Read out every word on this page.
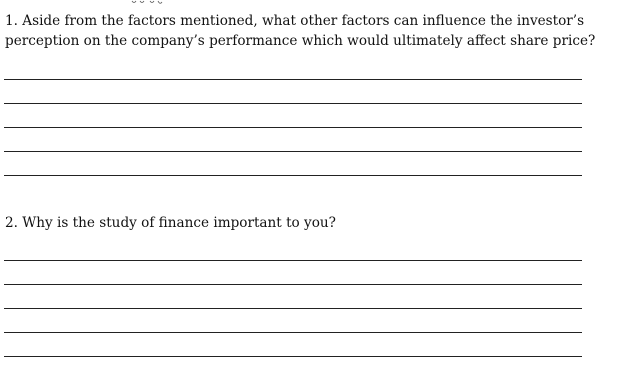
1. Aside from the factors mentioned, what other factors can influence the investor’s
perception on the company’s performance which would ultimately affect share price?

2. Why is the study of finance important to you?
